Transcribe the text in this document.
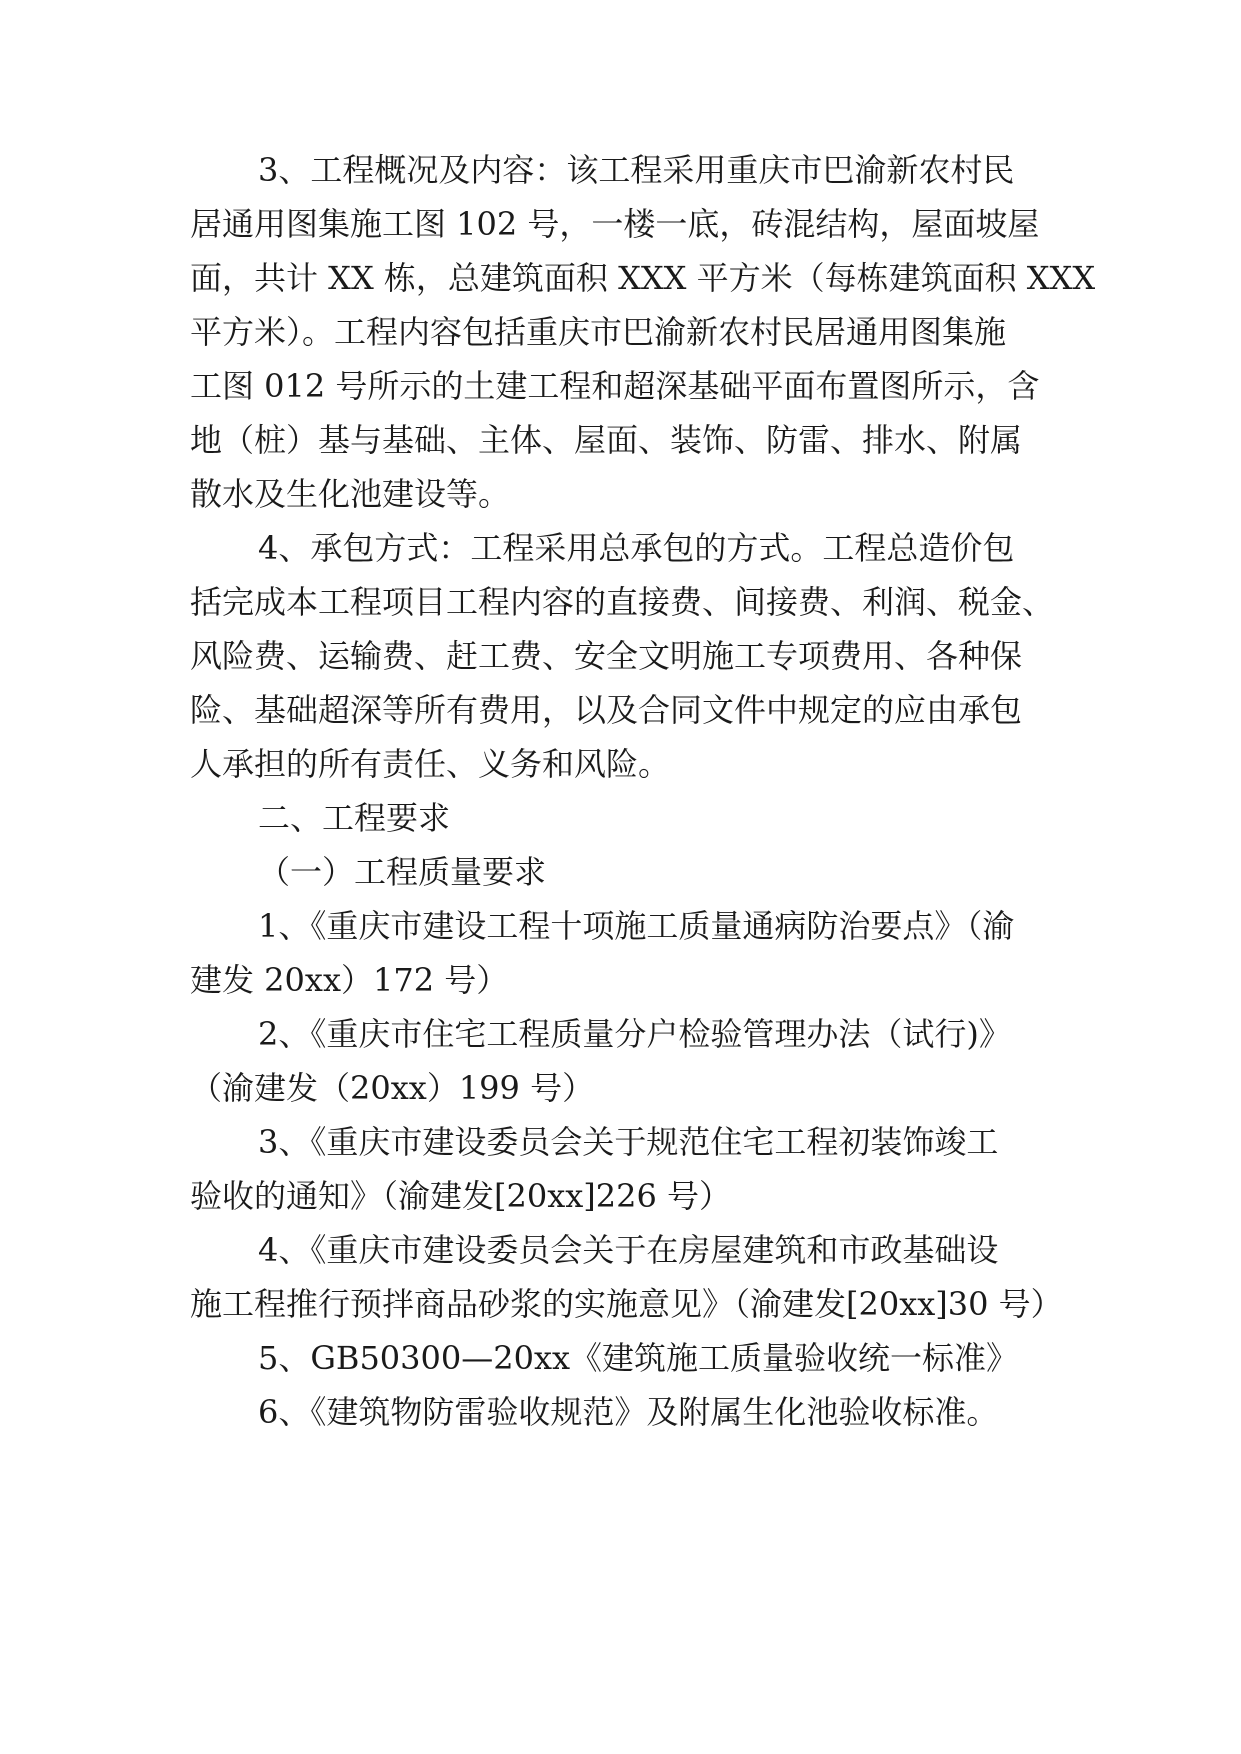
3、工程概况及内容：该工程采用重庆市巴渝新农村民
居通用图集施工图 102 号，一楼一底，砖混结构，屋面坡屋
面，共计 XX 栋，总建筑面积 XXX 平方米（每栋建筑面积 XXX
平方米）。工程内容包括重庆市巴渝新农村民居通用图集施
工图 012 号所示的土建工程和超深基础平面布置图所示，含
地（桩）基与基础、主体、屋面、装饰、防雷、排水、附属
散水及生化池建设等。
4、承包方式：工程采用总承包的方式。工程总造价包
括完成本工程项目工程内容的直接费、间接费、利润、税金、
风险费、运输费、赶工费、安全文明施工专项费用、各种保
险、基础超深等所有费用，以及合同文件中规定的应由承包
人承担的所有责任、义务和风险。
二、工程要求
（一）工程质量要求
1、《重庆市建设工程十项施工质量通病防治要点》（渝
建发 20xx）172 号）
2、《重庆市住宅工程质量分户检验管理办法（试行)》
（渝建发（20xx）199 号）
3、《重庆市建设委员会关于规范住宅工程初装饰竣工
验收的通知》（渝建发[20xx]226 号）
4、《重庆市建设委员会关于在房屋建筑和市政基础设
施工程推行预拌商品砂浆的实施意见》（渝建发[20xx]30 号）
5、GB50300—20xx《建筑施工质量验收统一标准》
6、《建筑物防雷验收规范》及附属生化池验收标准。
